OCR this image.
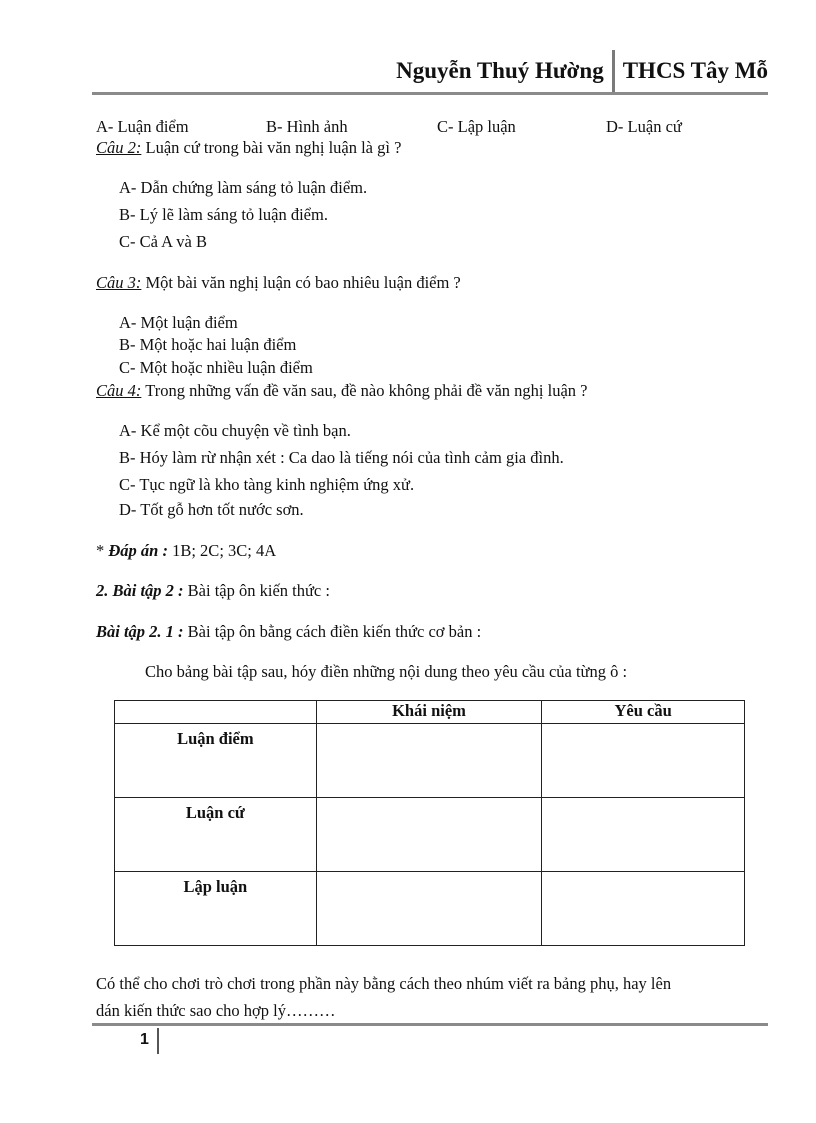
Nguyễn Thuý Hường THCS Tây Mỗ
A- Luận điểm	B- Hình ảnh	C- Lập luận	D- Luận cứ
Câu 2: Luận cứ trong bài văn nghị luận là gì ?
A- Dẫn chứng làm sáng tỏ luận điểm.
B- Lý lẽ làm sáng tỏ luận điểm.
C- Cả A và B
Câu 3: Một bài văn nghị luận có bao nhiêu luận điểm ?
A- Một luận điểm
B- Một hoặc hai luận điểm
C- Một hoặc nhiều luận điểm
Câu 4: Trong những vấn đề văn sau, đề nào không phải đề văn nghị luận ?
A- Kể một cõu chuyện về tình bạn.
B- Hóy làm rừ nhận xét : Ca dao là tiếng nói của tình cảm gia đình.
C- Tục ngữ là kho tàng kinh nghiệm ứng xử.
D- Tốt gỗ hơn tốt nước sơn.
* Đáp án : 1B; 2C; 3C; 4A
2. Bài tập 2 : Bài tập ôn kiến thức :
Bài tập 2. 1 : Bài tập ôn bằng cách điền kiến thức cơ bản :
Cho bảng bài tập sau, hóy điền những nội dung theo yêu cầu của từng ô :
	Khái niệm	Yêu cầu
Luận điểm		
Luận cứ		
Lập luận		
Có thể cho chơi trò chơi trong phần này bằng cách theo nhúm viết ra bảng phụ, hay lên
dán kiến thức sao cho hợp lý………
1
